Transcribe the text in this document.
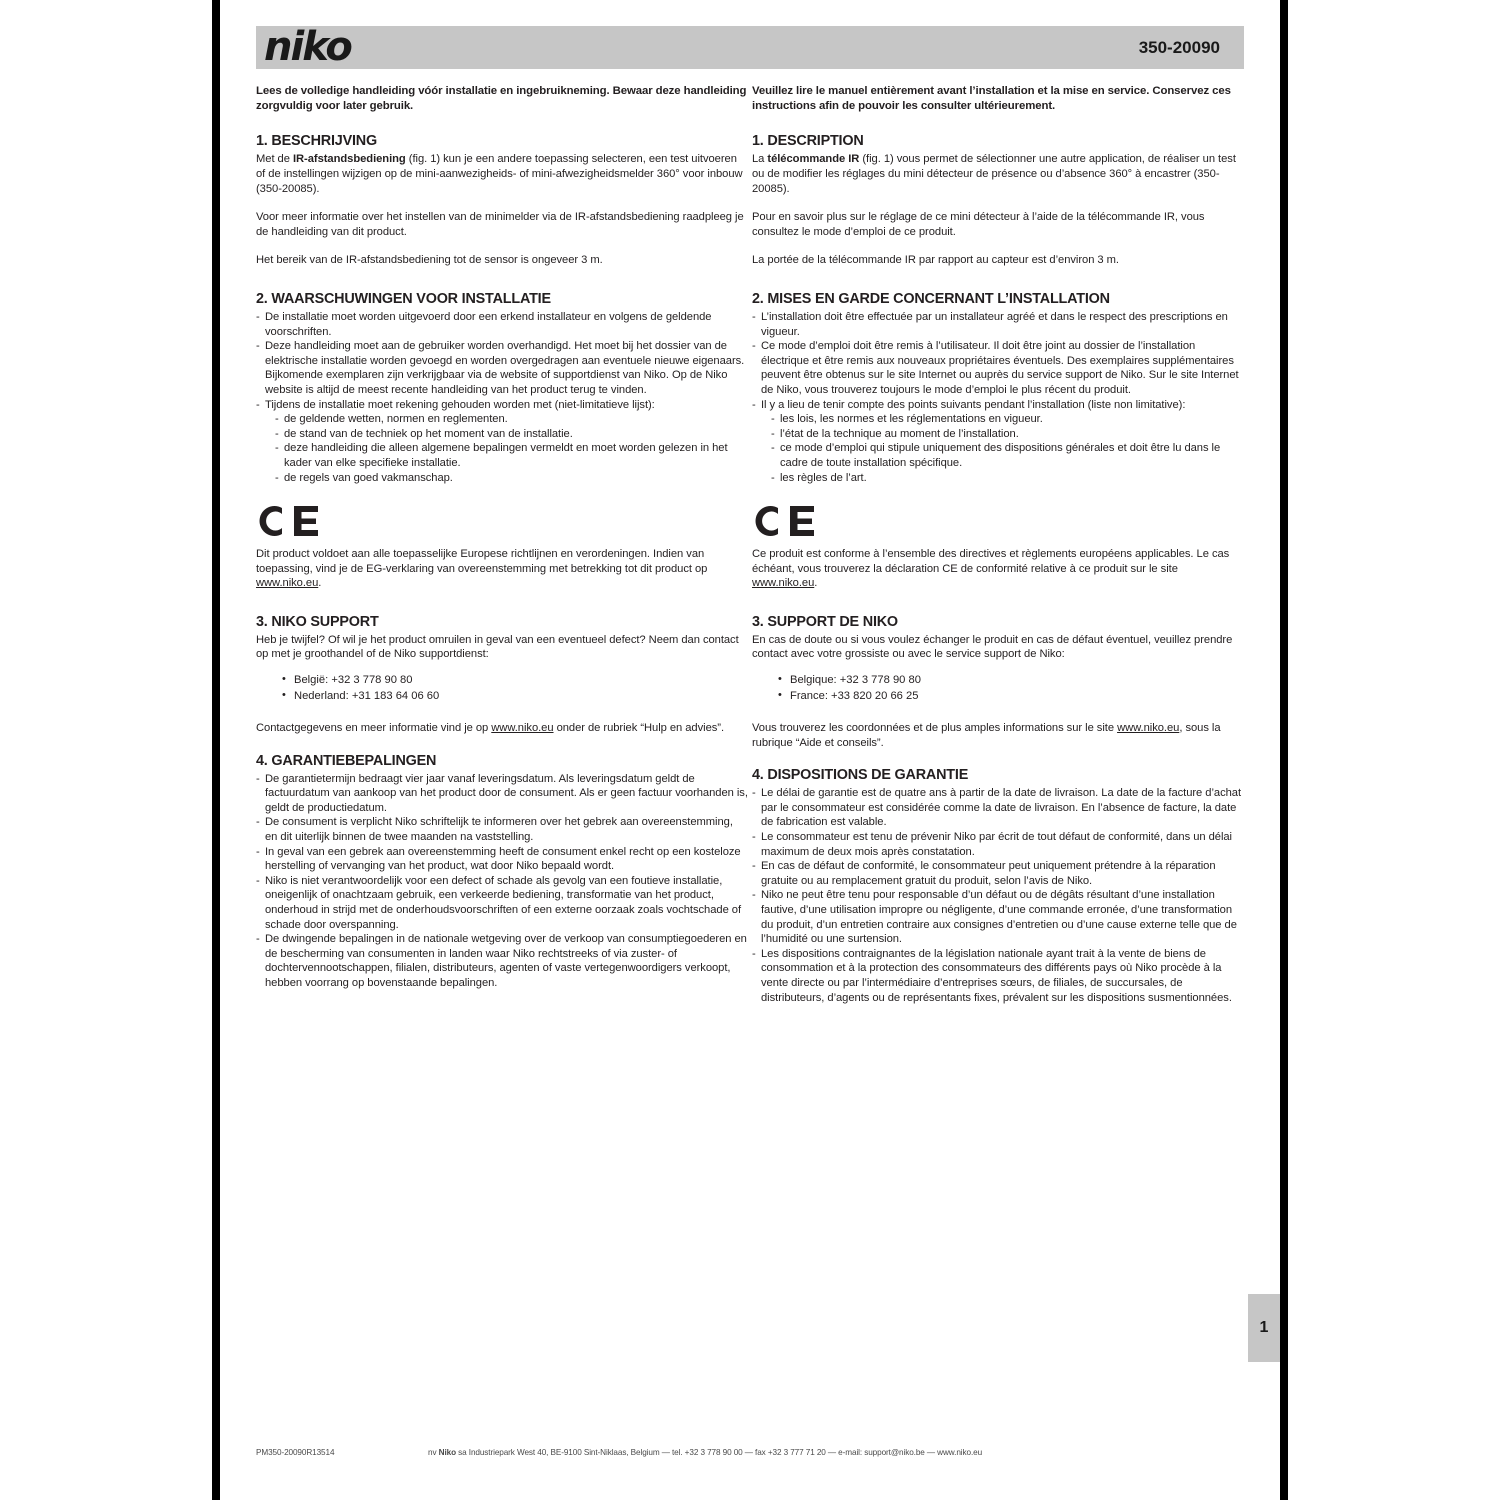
niko	350-20090

Lees de volledige handleiding vóór installatie en ingebruikneming. Bewaar deze handleiding zorgvuldig voor later gebruik.

1. BESCHRIJVING

Met de IR-afstandsbediening (fig. 1) kun je een andere toepassing selecteren, een test uitvoeren of de instellingen wijzigen op de mini-aanwezigheids- of mini-afwezigheidsmelder 360° voor inbouw (350-20085).

Voor meer informatie over het instellen van de minimelder via de IR-afstandsbediening raadpleeg je de handleiding van dit product.

Het bereik van de IR-afstandsbediening tot de sensor is ongeveer 3 m.

2. WAARSCHUWINGEN VOOR INSTALLATIE
- De installatie moet worden uitgevoerd door een erkend installateur en volgens de geldende voorschriften.
- Deze handleiding moet aan de gebruiker worden overhandigd. Het moet bij het dossier van de elektrische installatie worden gevoegd en worden overgedragen aan eventuele nieuwe eigenaars. Bijkomende exemplaren zijn verkrijgbaar via de website of supportdienst van Niko. Op de Niko website is altijd de meest recente handleiding van het product terug te vinden.
- Tijdens de installatie moet rekening gehouden worden met (niet-limitatieve lijst):
- de geldende wetten, normen en reglementen.
- de stand van de techniek op het moment van de installatie.
- deze handleiding die alleen algemene bepalingen vermeldt en moet worden gelezen in het kader van elke specifieke installatie.
- de regels van goed vakmanschap.

Dit product voldoet aan alle toepasselijke Europese richtlijnen en verordeningen. Indien van toepassing, vind je de EG-verklaring van overeenstemming met betrekking tot dit product op www.niko.eu.

3. NIKO SUPPORT

Heb je twijfel? Of wil je het product omruilen in geval van een eventueel defect? Neem dan contact op met je groothandel of de Niko supportdienst:

• België: +32 3 778 90 80
• Nederland: +31 183 64 06 60

Contactgegevens en meer informatie vind je op www.niko.eu onder de rubriek “Hulp en advies”.

4. GARANTIEBEPALINGEN
- De garantietermijn bedraagt vier jaar vanaf leveringsdatum. Als leveringsdatum geldt de factuurdatum van aankoop van het product door de consument. Als er geen factuur voorhanden is, geldt de productiedatum.
- De consument is verplicht Niko schriftelijk te informeren over het gebrek aan overeenstemming, en dit uiterlijk binnen de twee maanden na vaststelling.
- In geval van een gebrek aan overeenstemming heeft de consument enkel recht op een kosteloze herstelling of vervanging van het product, wat door Niko bepaald wordt.
- Niko is niet verantwoordelijk voor een defect of schade als gevolg van een foutieve installatie, oneigenlijk of onachtzaam gebruik, een verkeerde bediening, transformatie van het product, onderhoud in strijd met de onderhoudsvoorschriften of een externe oorzaak zoals vochtschade of schade door overspanning.
- De dwingende bepalingen in de nationale wetgeving over de verkoop van consumptiegoederen en de bescherming van consumenten in landen waar Niko rechtstreeks of via zuster- of dochtervennootschappen, filialen, distributeurs, agenten of vaste vertegenwoordigers verkoopt, hebben voorrang op bovenstaande bepalingen.

Veuillez lire le manuel entièrement avant l’installation et la mise en service. Conservez ces instructions afin de pouvoir les consulter ultérieurement.

1. DESCRIPTION

La télécommande IR (fig. 1) vous permet de sélectionner une autre application, de réaliser un test ou de modifier les réglages du mini détecteur de présence ou d’absence 360° à encastrer (350-20085).

Pour en savoir plus sur le réglage de ce mini détecteur à l’aide de la télécommande IR, vous consultez le mode d’emploi de ce produit.

La portée de la télécommande IR par rapport au capteur est d’environ 3 m.

2. MISES EN GARDE CONCERNANT L’INSTALLATION
- L’installation doit être effectuée par un installateur agréé et dans le respect des prescriptions en vigueur.
- Ce mode d’emploi doit être remis à l’utilisateur. Il doit être joint au dossier de l’installation électrique et être remis aux nouveaux propriétaires éventuels. Des exemplaires supplémentaires peuvent être obtenus sur le site Internet ou auprès du service support de Niko. Sur le site Internet de Niko, vous trouverez toujours le mode d’emploi le plus récent du produit.
- Il y a lieu de tenir compte des points suivants pendant l’installation (liste non limitative):
- les lois, les normes et les réglementations en vigueur.
- l’état de la technique au moment de l’installation.
- ce mode d’emploi qui stipule uniquement des dispositions générales et doit être lu dans le cadre de toute installation spécifique.
- les règles de l’art.

Ce produit est conforme à l’ensemble des directives et règlements européens applicables. Le cas échéant, vous trouverez la déclaration CE de conformité relative à ce produit sur le site www.niko.eu.

3. SUPPORT DE NIKO

En cas de doute ou si vous voulez échanger le produit en cas de défaut éventuel, veuillez prendre contact avec votre grossiste ou avec le service support de Niko:

• Belgique: +32 3 778 90 80
• France: +33 820 20 66 25

Vous trouverez les coordonnées et de plus amples informations sur le site www.niko.eu, sous la rubrique “Aide et conseils”.

4. DISPOSITIONS DE GARANTIE
- Le délai de garantie est de quatre ans à partir de la date de livraison. La date de la facture d’achat par le consommateur est considérée comme la date de livraison. En l’absence de facture, la date de fabrication est valable.
- Le consommateur est tenu de prévenir Niko par écrit de tout défaut de conformité, dans un délai maximum de deux mois après constatation.
- En cas de défaut de conformité, le consommateur peut uniquement prétendre à la réparation gratuite ou au remplacement gratuit du produit, selon l’avis de Niko.
- Niko ne peut être tenu pour responsable d’un défaut ou de dégâts résultant d’une installation fautive, d’une utilisation impropre ou négligente, d’une commande erronée, d’une transformation du produit, d’un entretien contraire aux consignes d’entretien ou d’une cause externe telle que de l’humidité ou une surtension.
- Les dispositions contraignantes de la législation nationale ayant trait à la vente de biens de consommation et à la protection des consommateurs des différents pays où Niko procède à la vente directe ou par l’intermédiaire d’entreprises sœurs, de filiales, de succursales, de distributeurs, d’agents ou de représentants fixes, prévalent sur les dispositions susmentionnées.
1
PM350-20090R13514	nv Niko sa Industriepark West 40, BE-9100 Sint-Niklaas, Belgium — tel. +32 3 778 90 00 — fax +32 3 777 71 20 — e-mail: support@niko.be — www.niko.eu
